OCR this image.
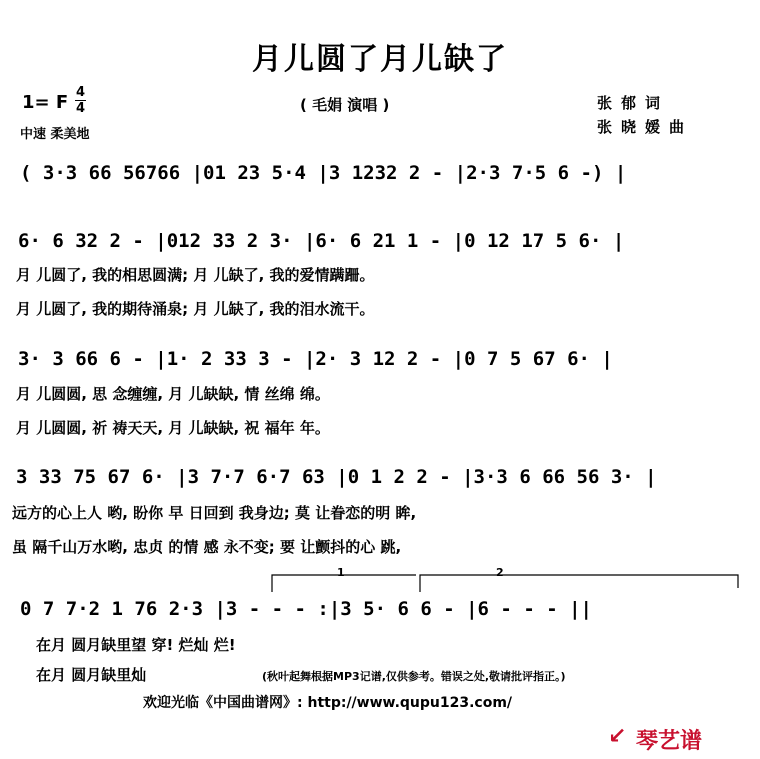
月儿圆了月儿缺了
1= F 4
4
中速 柔美地
( 毛娟 演唱 )	张郁词
张晓媛曲
( 3·3 66 56766 |01 23 5·4 |3 1232 2 - |2·3 7·5 6 -) |
6· 6 32 2 - |012 33 2 3· |6· 6 21 1 - |0 12 17 5 6· |
月 儿圆了, 我的相思圆满; 月 儿缺了, 我的爱情蹒跚。
月 儿圆了, 我的期待涌泉; 月 儿缺了, 我的泪水流干。
3· 3 66 6 - |1· 2 33 3 - |2· 3 12 2 - |0 7 5 67 6· |
月 儿圆圆, 思 念缠缠, 月 儿缺缺, 情 丝绵 绵。
月 儿圆圆, 祈 祷天天, 月 儿缺缺, 祝 福年 年。
3 33 75 67 6· |3 7·7 6·7 63 |0 1 2 2 - |3·3 6 66 56 3· |
远方的心上人 哟, 盼你 早 日回到 我身边; 莫 让眷恋的明 眸,
虽 隔千山万水哟, 忠贞 的情 感 永不变; 要 让颤抖的心 跳,
1	2
0 7 7·2 1 76 2·3 |3 - - - :|3 5· 6 6 - |6 - - - ||
在月 圆月缺里望 穿! 烂灿 烂!
在月 圆月缺里灿	(秋叶起舞根据MP3记谱,仅供参考。错误之处,敬请批评指正。)
欢迎光临《中国曲谱网》: http://www.qupu123.com/
↙ 琴艺谱
